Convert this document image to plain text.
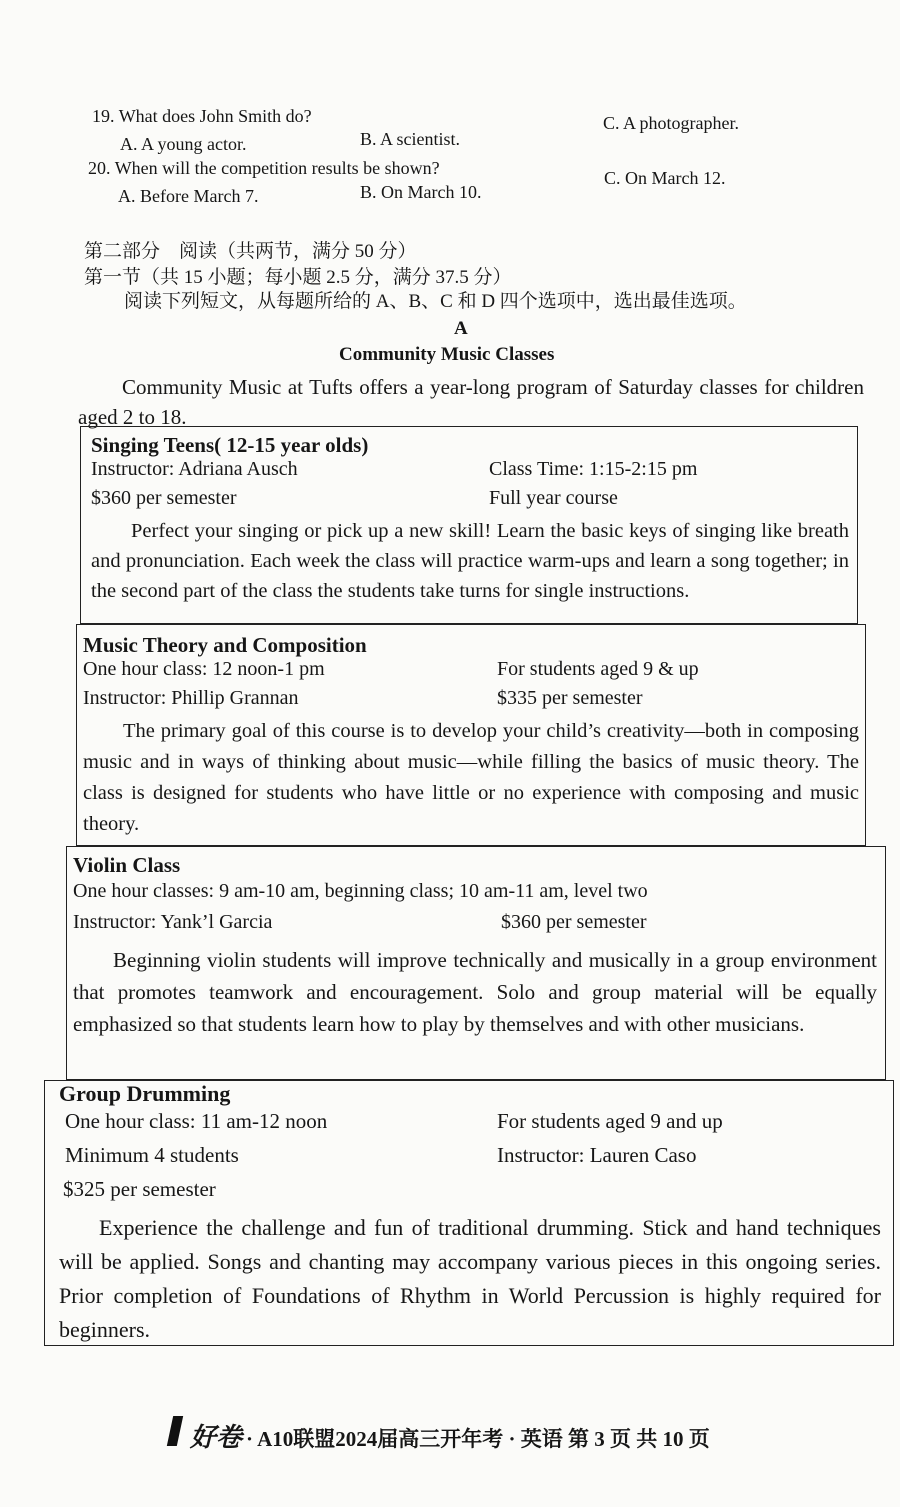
19. What does John Smith do?
A. A young actor.	B. A scientist.
C. A photographer.
20. When will the competition results be shown?
A. Before March 7.	B. On March 10.
C. On March 12.
第二部分　阅读（共两节，满分 50 分）
第一节（共 15 小题；每小题 2.5 分，满分 37.5 分）
阅读下列短文，从每题所给的 A、B、C 和 D 四个选项中，选出最佳选项。
A
Community Music Classes
Community Music at Tufts offers a year-long program of Saturday classes for children aged 2 to 18.
Singing Teens( 12-15 year olds)
Instructor: Adriana Ausch	Class Time: 1:15-2:15 pm
$360 per semester	Full year course

Perfect your singing or pick up a new skill! Learn the basic keys of singing like breath and pronunciation. Each week the class will practice warm-ups and learn a song together; in the second part of the class the students take turns for single instructions.

Music Theory and Composition
One hour class: 12 noon-1 pm	For students aged 9 & up
Instructor: Phillip Grannan	$335 per semester

The primary goal of this course is to develop your child’s creativity—both in composing music and in ways of thinking about music—while filling the basics of music theory. The class is designed for students who have little or no experience with composing and music theory.

Violin Class
One hour classes: 9 am-10 am, beginning class; 10 am-11 am, level two
Instructor: Yank’l Garcia	$360 per semester

Beginning violin students will improve technically and musically in a group environment that promotes teamwork and encouragement. Solo and group material will be equally emphasized so that students learn how to play by themselves and with other musicians.

Group Drumming
One hour class: 11 am-12 noon	For students aged 9 and up
Minimum 4 students	Instructor: Lauren Caso
$325 per semester

Experience the challenge and fun of traditional drumming. Stick and hand techniques will be applied. Songs and chanting may accompany various pieces in this ongoing series. Prior completion of Foundations of Rhythm in World Percussion is highly required for beginners.

好卷 · A10联盟2024届高三开年考 · 英语 第 3 页 共 10 页
